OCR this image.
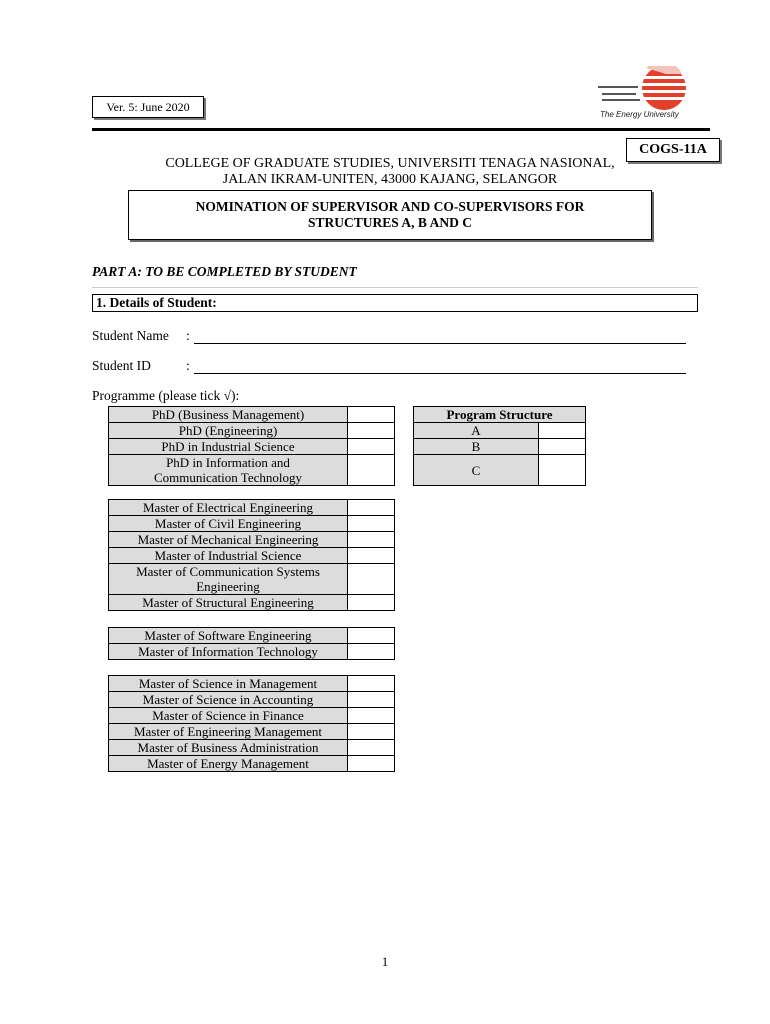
Ver. 5: June 2020
The Energy University
COGS-11A
COLLEGE OF GRADUATE STUDIES, UNIVERSITI TENAGA NASIONAL,
JALAN IKRAM-UNITEN, 43000 KAJANG, SELANGOR
NOMINATION OF SUPERVISOR AND CO-SUPERVISORS FOR
STRUCTURES A, B AND C
PART A: TO BE COMPLETED BY STUDENT
1. Details of Student:
Student Name :
Student ID	:
Programme (please tick √):
PhD (Business Management)	

PhD (Engineering)	

PhD in Industrial Science	

PhD in Information and
Communication Technology	

Master of Electrical Engineering	

Master of Civil Engineering	

Master of Mechanical Engineering	

Master of Industrial Science	

Master of Communication Systems
Engineering	

Master of Structural Engineering	

Master of Software Engineering	

Master of Information Technology	

Master of Science in Management	

Master of Science in Accounting	

Master of Science in Finance	

Master of Engineering Management	

Master of Business Administration	

Master of Energy Management	

Program Structure	
A	
B	
C	
1
